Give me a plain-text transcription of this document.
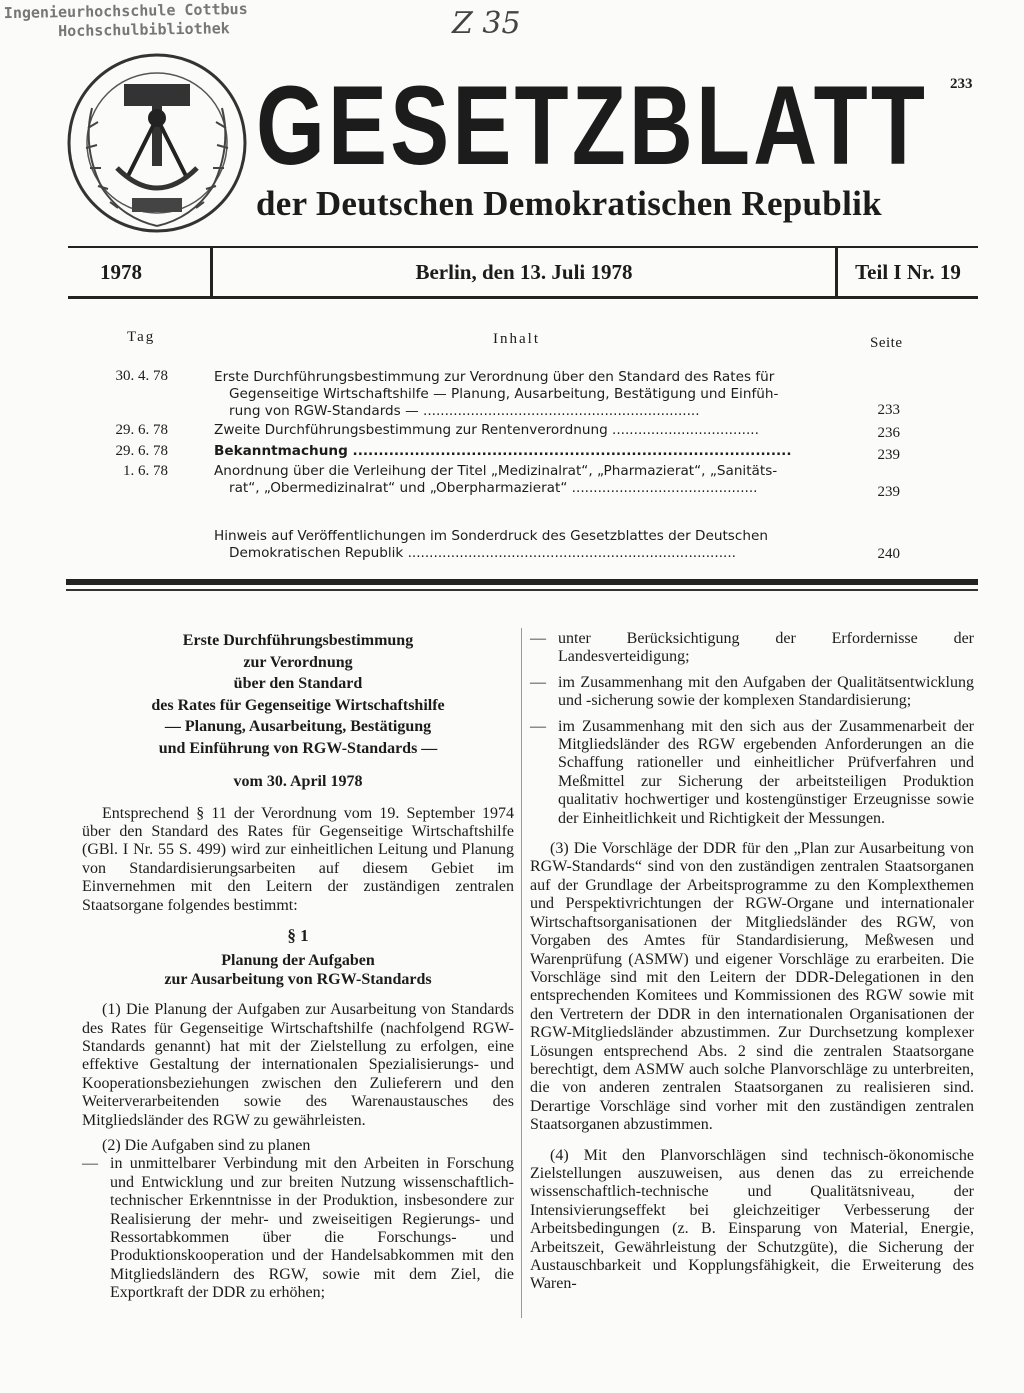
Ingenieurhochschule Cottbus
Hochschulbibliothek	Z 35
233
GESETZBLATT
der Deutschen Demokratischen Republik
1978	Berlin, den 13. Juli 1978	Teil I Nr. 19
Tag	Inhalt	Seite
30. 4. 78	Erste Durchführungsbestimmung zur Verordnung über den Standard des Rates für
Gegenseitige Wirtschaftshilfe — Planung, Ausarbeitung, Bestätigung und Einfüh-
rung von RGW-Standards — ................................................................	233
29. 6. 78	Zweite Durchführungsbestimmung zur Rentenverordnung ..................................	236
29. 6. 78	Bekanntmachung .....................................................................................	239
1. 6. 78	Anordnung über die Verleihung der Titel „Medizinalrat“, „Pharmazierat“, „Sanitäts-
rat“, „Obermedizinalrat“ und „Oberpharmazierat“ ...........................................	239
Hinweis auf Veröffentlichungen im Sonderdruck des Gesetzblattes der Deutschen
Demokratischen Republik ............................................................................	240
Erste Durchführungsbestimmung
zur Verordnung
über den Standard
des Rates für Gegenseitige Wirtschaftshilfe
— Planung, Ausarbeitung, Bestätigung
und Einführung von RGW-Standards —
vom 30. April 1978

Entsprechend § 11 der Verordnung vom 19. September 1974 über den Standard des Rates für Gegenseitige Wirtschaftshilfe (GBl. I Nr. 55 S. 499) wird zur einheitlichen Leitung und Planung von Standardisierungsarbeiten auf diesem Gebiet im Einvernehmen mit den Leitern der zuständigen zentralen Staatsorgane folgendes bestimmt:

§ 1
Planung der Aufgaben
zur Ausarbeitung von RGW-Standards

(1) Die Planung der Aufgaben zur Ausarbeitung von Standards des Rates für Gegenseitige Wirtschaftshilfe (nachfolgend RGW-Standards genannt) hat mit der Zielstellung zu erfolgen, eine effektive Gestaltung der internationalen Spezialisierungs- und Kooperationsbeziehungen zwischen den Zulieferern und den Weiterverarbeitenden sowie des Warenaustausches des Mitgliedsländer des RGW zu gewährleisten.

(2) Die Aufgaben sind zu planen

— in unmittelbarer Verbindung mit den Arbeiten in Forschung und Entwicklung und zur breiten Nutzung wissenschaftlich-technischer Erkenntnisse in der Produktion, insbesondere zur Realisierung der mehr- und zweiseitigen Regierungs- und Ressortabkommen über die Forschungs- und Produktionskooperation und der Handelsabkommen mit den Mitgliedsländern des RGW, sowie mit dem Ziel, die Exportkraft der DDR zu erhöhen;
— unter Berücksichtigung der Erfordernisse der Landesverteidigung;
— im Zusammenhang mit den Aufgaben der Qualitätsentwicklung und -sicherung sowie der komplexen Standardisierung;
— im Zusammenhang mit den sich aus der Zusammenarbeit der Mitgliedsländer des RGW ergebenden Anforderungen an die Schaffung rationeller und einheitlicher Prüfverfahren und Meßmittel zur Sicherung der arbeitsteiligen Produktion qualitativ hochwertiger und kostengünstiger Erzeugnisse sowie der Einheitlichkeit und Richtigkeit der Messungen.

(3) Die Vorschläge der DDR für den „Plan zur Ausarbeitung von RGW-Standards“ sind von den zuständigen zentralen Staatsorganen auf der Grundlage der Arbeitsprogramme zu den Komplexthemen und Perspektivrichtungen der RGW-Organe und internationaler Wirtschaftsorganisationen der Mitgliedsländer des RGW, von Vorgaben des Amtes für Standardisierung, Meßwesen und Warenprüfung (ASMW) und eigener Vorschläge zu erarbeiten. Die Vorschläge sind mit den Leitern der DDR-Delegationen in den entsprechenden Komitees und Kommissionen des RGW sowie mit den Vertretern der DDR in den internationalen Organisationen der RGW-Mitgliedsländer abzustimmen. Zur Durchsetzung komplexer Lösungen entsprechend Abs. 2 sind die zentralen Staatsorgane berechtigt, dem ASMW auch solche Planvorschläge zu unterbreiten, die von anderen zentralen Staatsorganen zu realisieren sind. Derartige Vorschläge sind vorher mit den zuständigen zentralen Staatsorganen abzustimmen.

(4) Mit den Planvorschlägen sind technisch-ökonomische Zielstellungen auszuweisen, aus denen das zu erreichende wissenschaftlich-technische und Qualitätsniveau, der Intensivierungseffekt bei gleichzeitiger Verbesserung der Arbeitsbedingungen (z. B. Einsparung von Material, Energie, Arbeitszeit, Gewährleistung der Schutzgüte), die Sicherung der Austauschbarkeit und Kopplungsfähigkeit, die Erweiterung des Waren-
